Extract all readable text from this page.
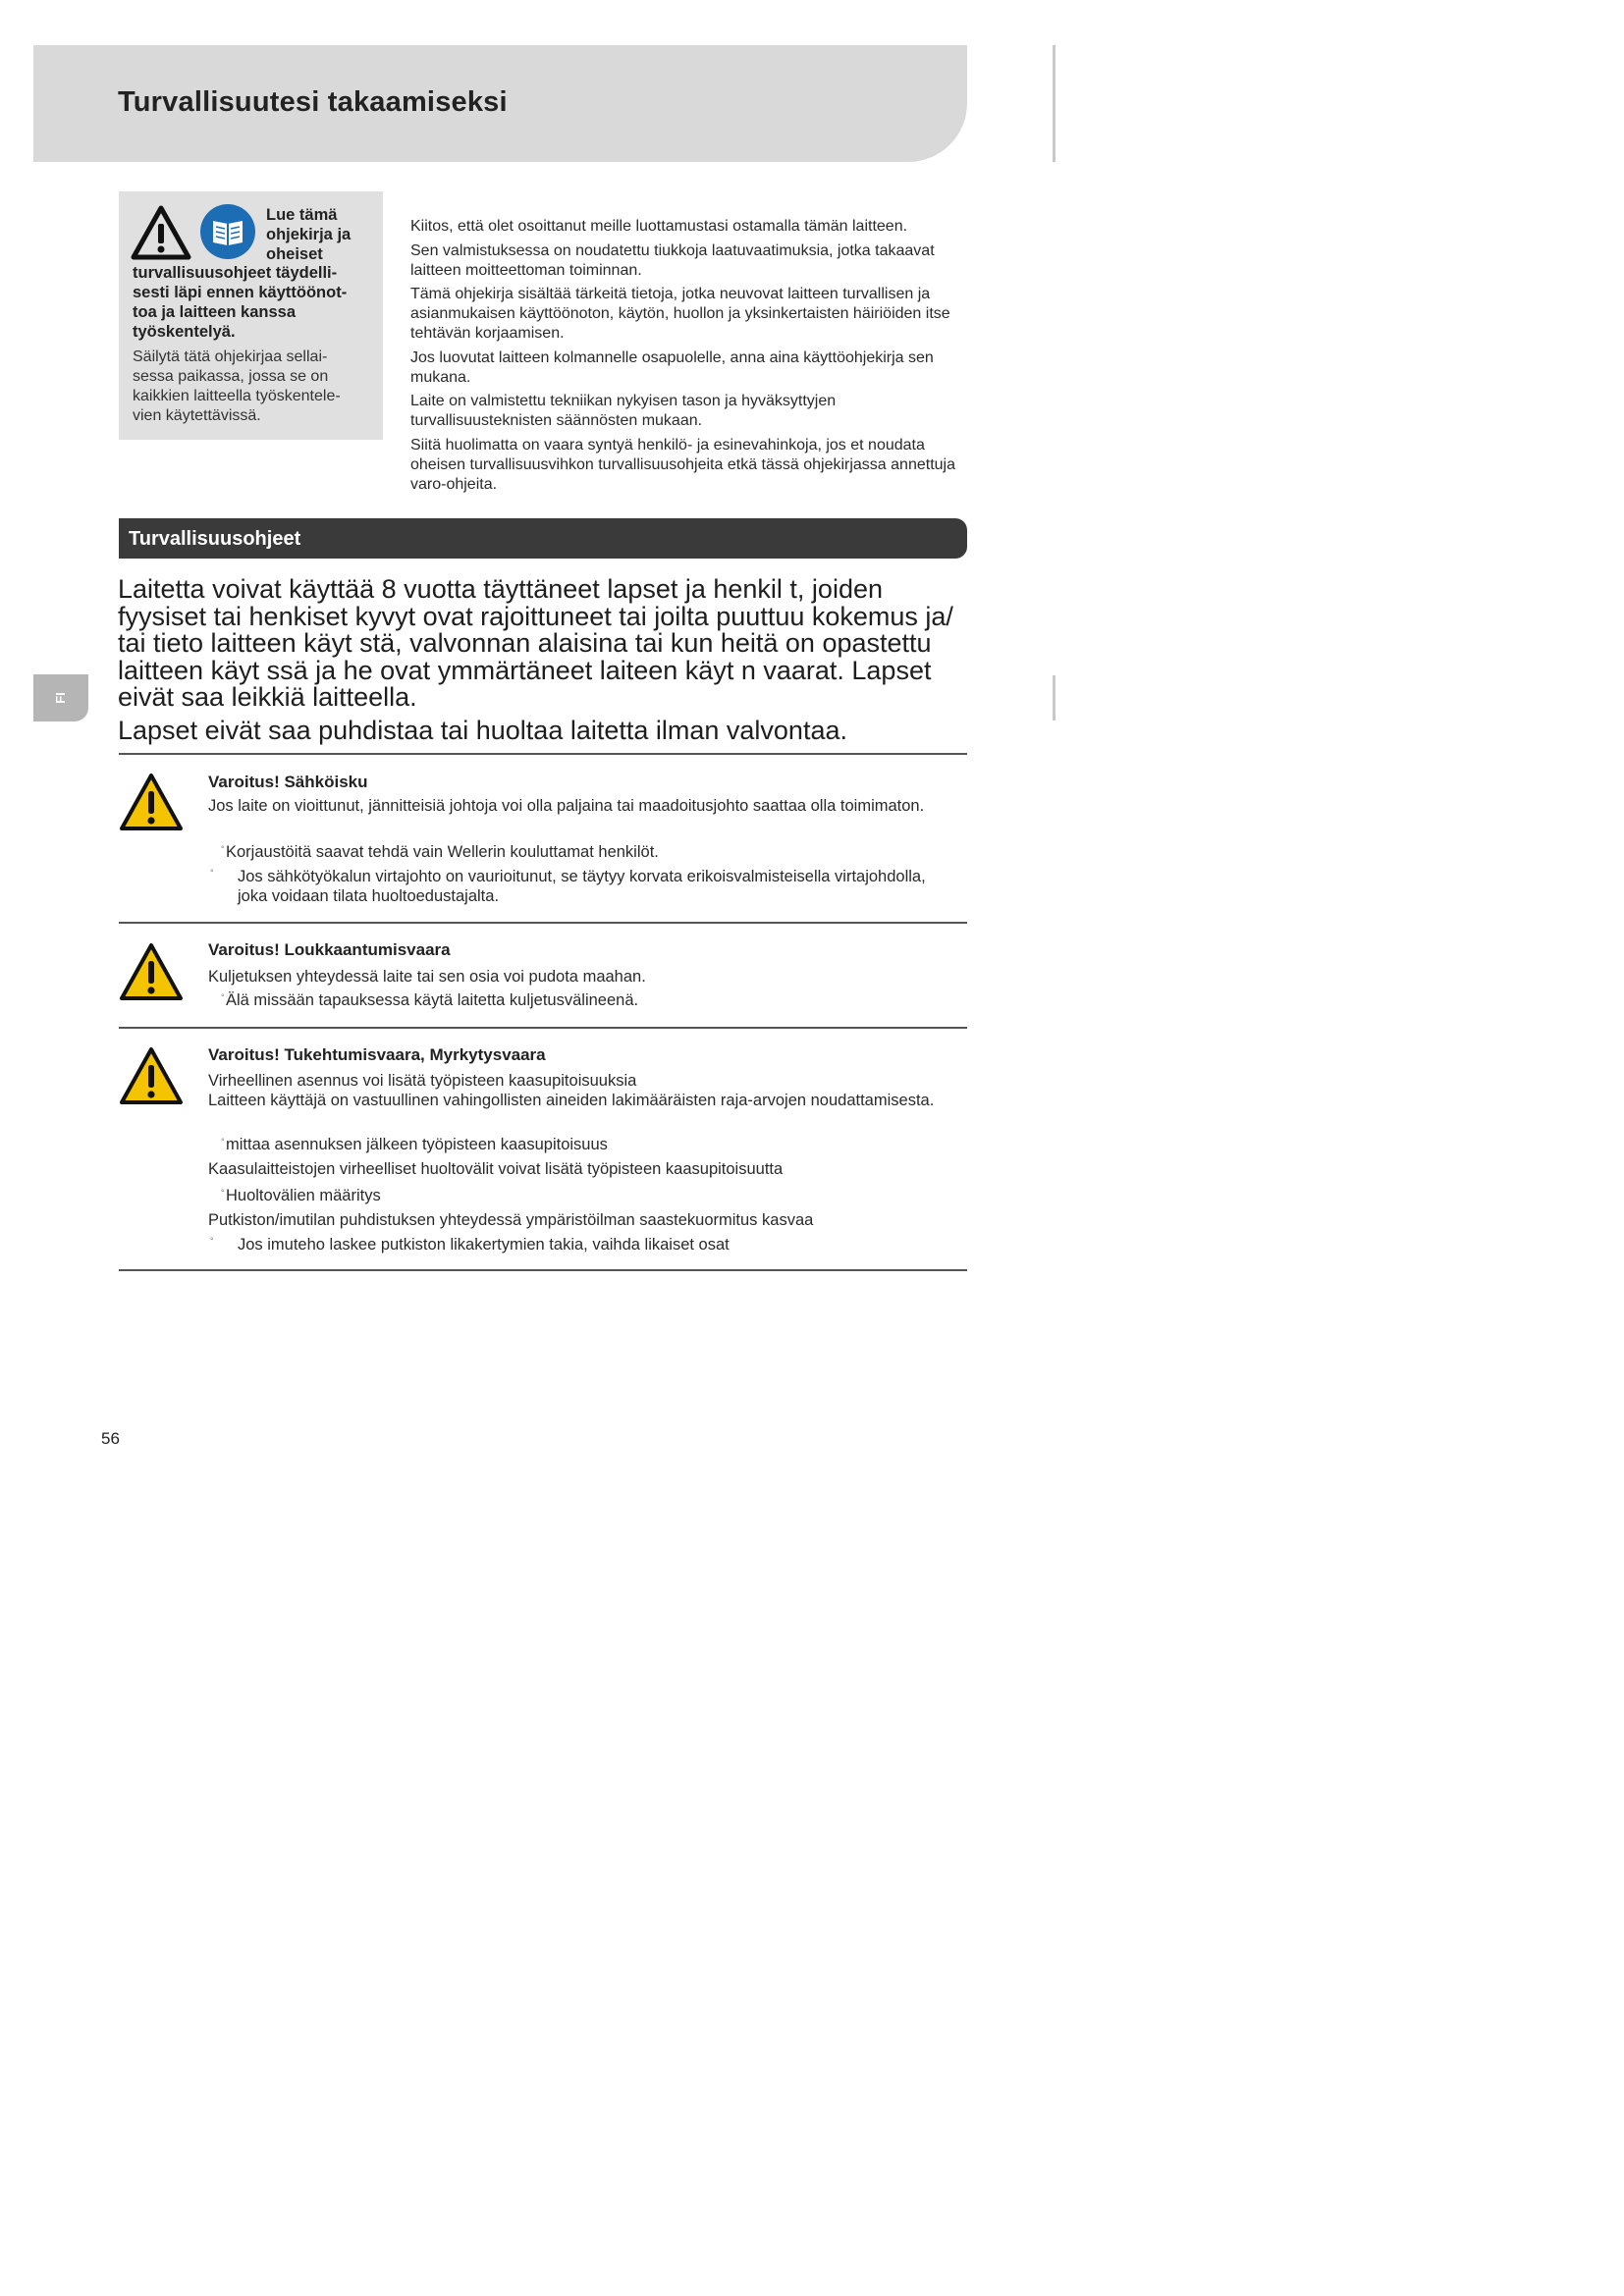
Turvallisuutesi takaamiseksi
Lue tämä
ohjekirja ja
oheiset
turvallisuusohjeet täydelli-
sesti läpi ennen käyttöönot-
toa ja laitteen kanssa
työskentelyä.
Säilytä tätä ohjekirjaa sellai-
sessa paikassa, jossa se on
kaikkien laitteella työskentele-
vien käytettävissä.

Kiitos, että olet osoittanut meille luottamustasi ostamalla tämän laitteen.

Sen valmistuksessa on noudatettu tiukkoja laatuvaatimuksia, jotka takaavat laitteen moitteettoman toiminnan.

Tämä ohjekirja sisältää tärkeitä tietoja, jotka neuvovat laitteen turvallisen ja asianmukaisen käyttöönoton, käytön, huollon ja yksinkertaisten häiriöiden itse tehtävän korjaamisen.

Jos luovutat laitteen kolmannelle osapuolelle, anna aina käyttöohjekirja sen mukana.

Laite on valmistettu tekniikan nykyisen tason ja hyväksyttyjen turvallisuusteknisten säännösten mukaan.

Siitä huolimatta on vaara syntyä henkilö- ja esinevahinkoja, jos et noudata oheisen turvallisuusvihkon turvallisuusohjeita etkä tässä ohjekirjassa annettuja varo-ohjeita.

Turvallisuusohjeet
Laitetta voivat käyttää 8 vuotta täyttäneet lapset ja henkil t, joiden fyysiset tai henkiset kyvyt ovat rajoittuneet tai joilta puuttuu kokemus ja/ tai tieto laitteen käyt stä, valvonnan alaisina tai kun heitä on opastettu laitteen käyt ssä ja he ovat ymmärtäneet laiteen käyt n vaarat. Lapset eivät saa leikkiä laitteella.
Lapset eivät saa puhdistaa tai huoltaa laitetta ilman valvontaa.
FI
Varoitus! Sähköisku
Jos laite on vioittunut, jännitteisiä johtoja voi olla paljaina tai maadoitusjohto saattaa olla toimimaton.
° Korjaustöitä saavat tehdä vain Wellerin kouluttamat henkilöt.
° Jos sähkötyökalun virtajohto on vaurioitunut, se täytyy korvata erikoisvalmisteisella virtajohdolla, joka voidaan tilata huoltoedustajalta.
Varoitus! Loukkaantumisvaara
Kuljetuksen yhteydessä laite tai sen osia voi pudota maahan.
° Älä missään tapauksessa käytä laitetta kuljetusvälineenä.
Varoitus! Tukehtumisvaara, Myrkytysvaara
Virheellinen asennus voi lisätä työpisteen kaasupitoisuuksia
Laitteen käyttäjä on vastuullinen vahingollisten aineiden lakimääräisten raja-arvojen noudattamisesta.
° mittaa asennuksen jälkeen työpisteen kaasupitoisuus
Kaasulaitteistojen virheelliset huoltovälit voivat lisätä työpisteen kaasupitoisuutta
° Huoltovälien määritys
Putkiston/imutilan puhdistuksen yhteydessä ympäristöilman saastekuormitus kasvaa
° Jos imuteho laskee putkiston likakertymien takia, vaihda likaiset osat
56
